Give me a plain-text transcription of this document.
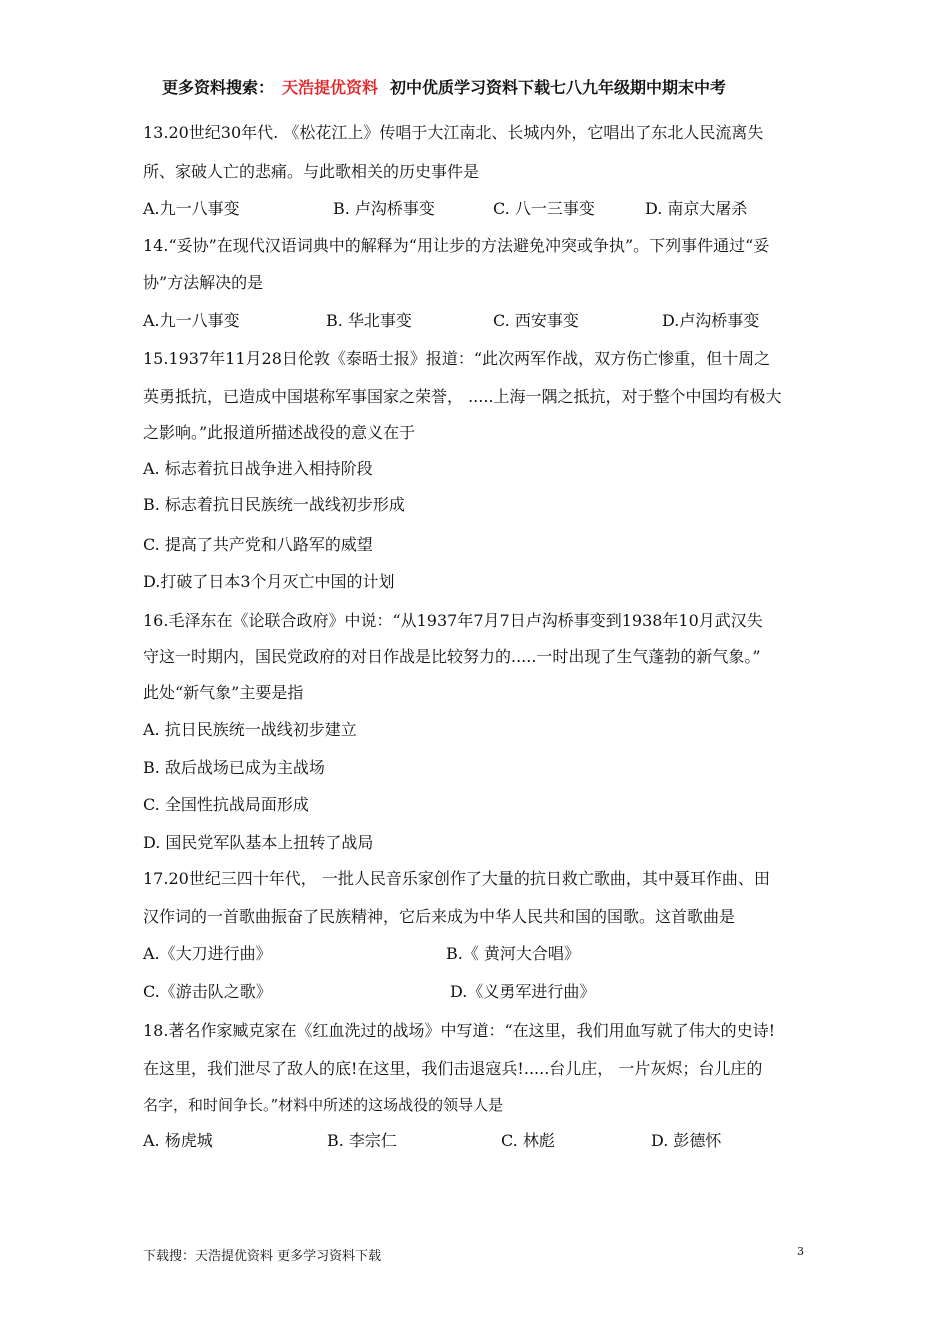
更多资料搜索： 天浩提优资料 初中优质学习资料下载七八九年级期中期末中考
13.20世纪30年代. 《松花江上》传唱于大江南北、长城内外，它唱出了东北人民流离失
所、家破人亡的悲痛。与此歌相关的历史事件是
A.九一八事变	B. 卢沟桥事变	C. 八一三事变	D. 南京大屠杀
14.“妥协”在现代汉语词典中的解释为“用让步的方法避免冲突或争执”。下列事件通过“妥
协”方法解决的是
A.九一八事变	B. 华北事变	C. 西安事变	D.卢沟桥事变
15.1937年11月28日伦敦《泰晤士报》报道：“此次两军作战，双方伤亡惨重，但十周之
英勇抵抗，已造成中国堪称军事国家之荣誉， .....上海一隅之抵抗，对于整个中国均有极大
之影响。”此报道所描述战役的意义在于
A. 标志着抗日战争进入相持阶段
B. 标志着抗日民族统一战线初步形成
C. 提高了共产党和八路军的威望
D.打破了日本3个月灭亡中国的计划
16.毛泽东在《论联合政府》中说：“从1937年7月7日卢沟桥事变到1938年10月武汉失
守这一时期内，国民党政府的对日作战是比较努力的.....一时出现了生气蓬勃的新气象。”
此处“新气象”主要是指
A. 抗日民族统一战线初步建立
B. 敌后战场已成为主战场
C. 全国性抗战局面形成
D. 国民党军队基本上扭转了战局
17.20世纪三四十年代， 一批人民音乐家创作了大量的抗日救亡歌曲，其中聂耳作曲、田
汉作词的一首歌曲振奋了民族精神，它后来成为中华人民共和国的国歌。这首歌曲是
A.《大刀进行曲》	B.《 黄河大合唱》
C.《游击队之歌》	D.《义勇军进行曲》
18.著名作家臧克家在《红血洗过的战场》中写道：“在这里，我们用血写就了伟大的史诗!
在这里，我们泄尽了敌人的底!在这里，我们击退寇兵!.....台儿庄， 一片灰烬；台儿庄的
名字，和时间争长。”材料中所述的这场战役的领导人是
A. 杨虎城	B. 李宗仁	C. 林彪	D. 彭德怀
下载搜：天浩提优资料 更多学习资料下载	3
